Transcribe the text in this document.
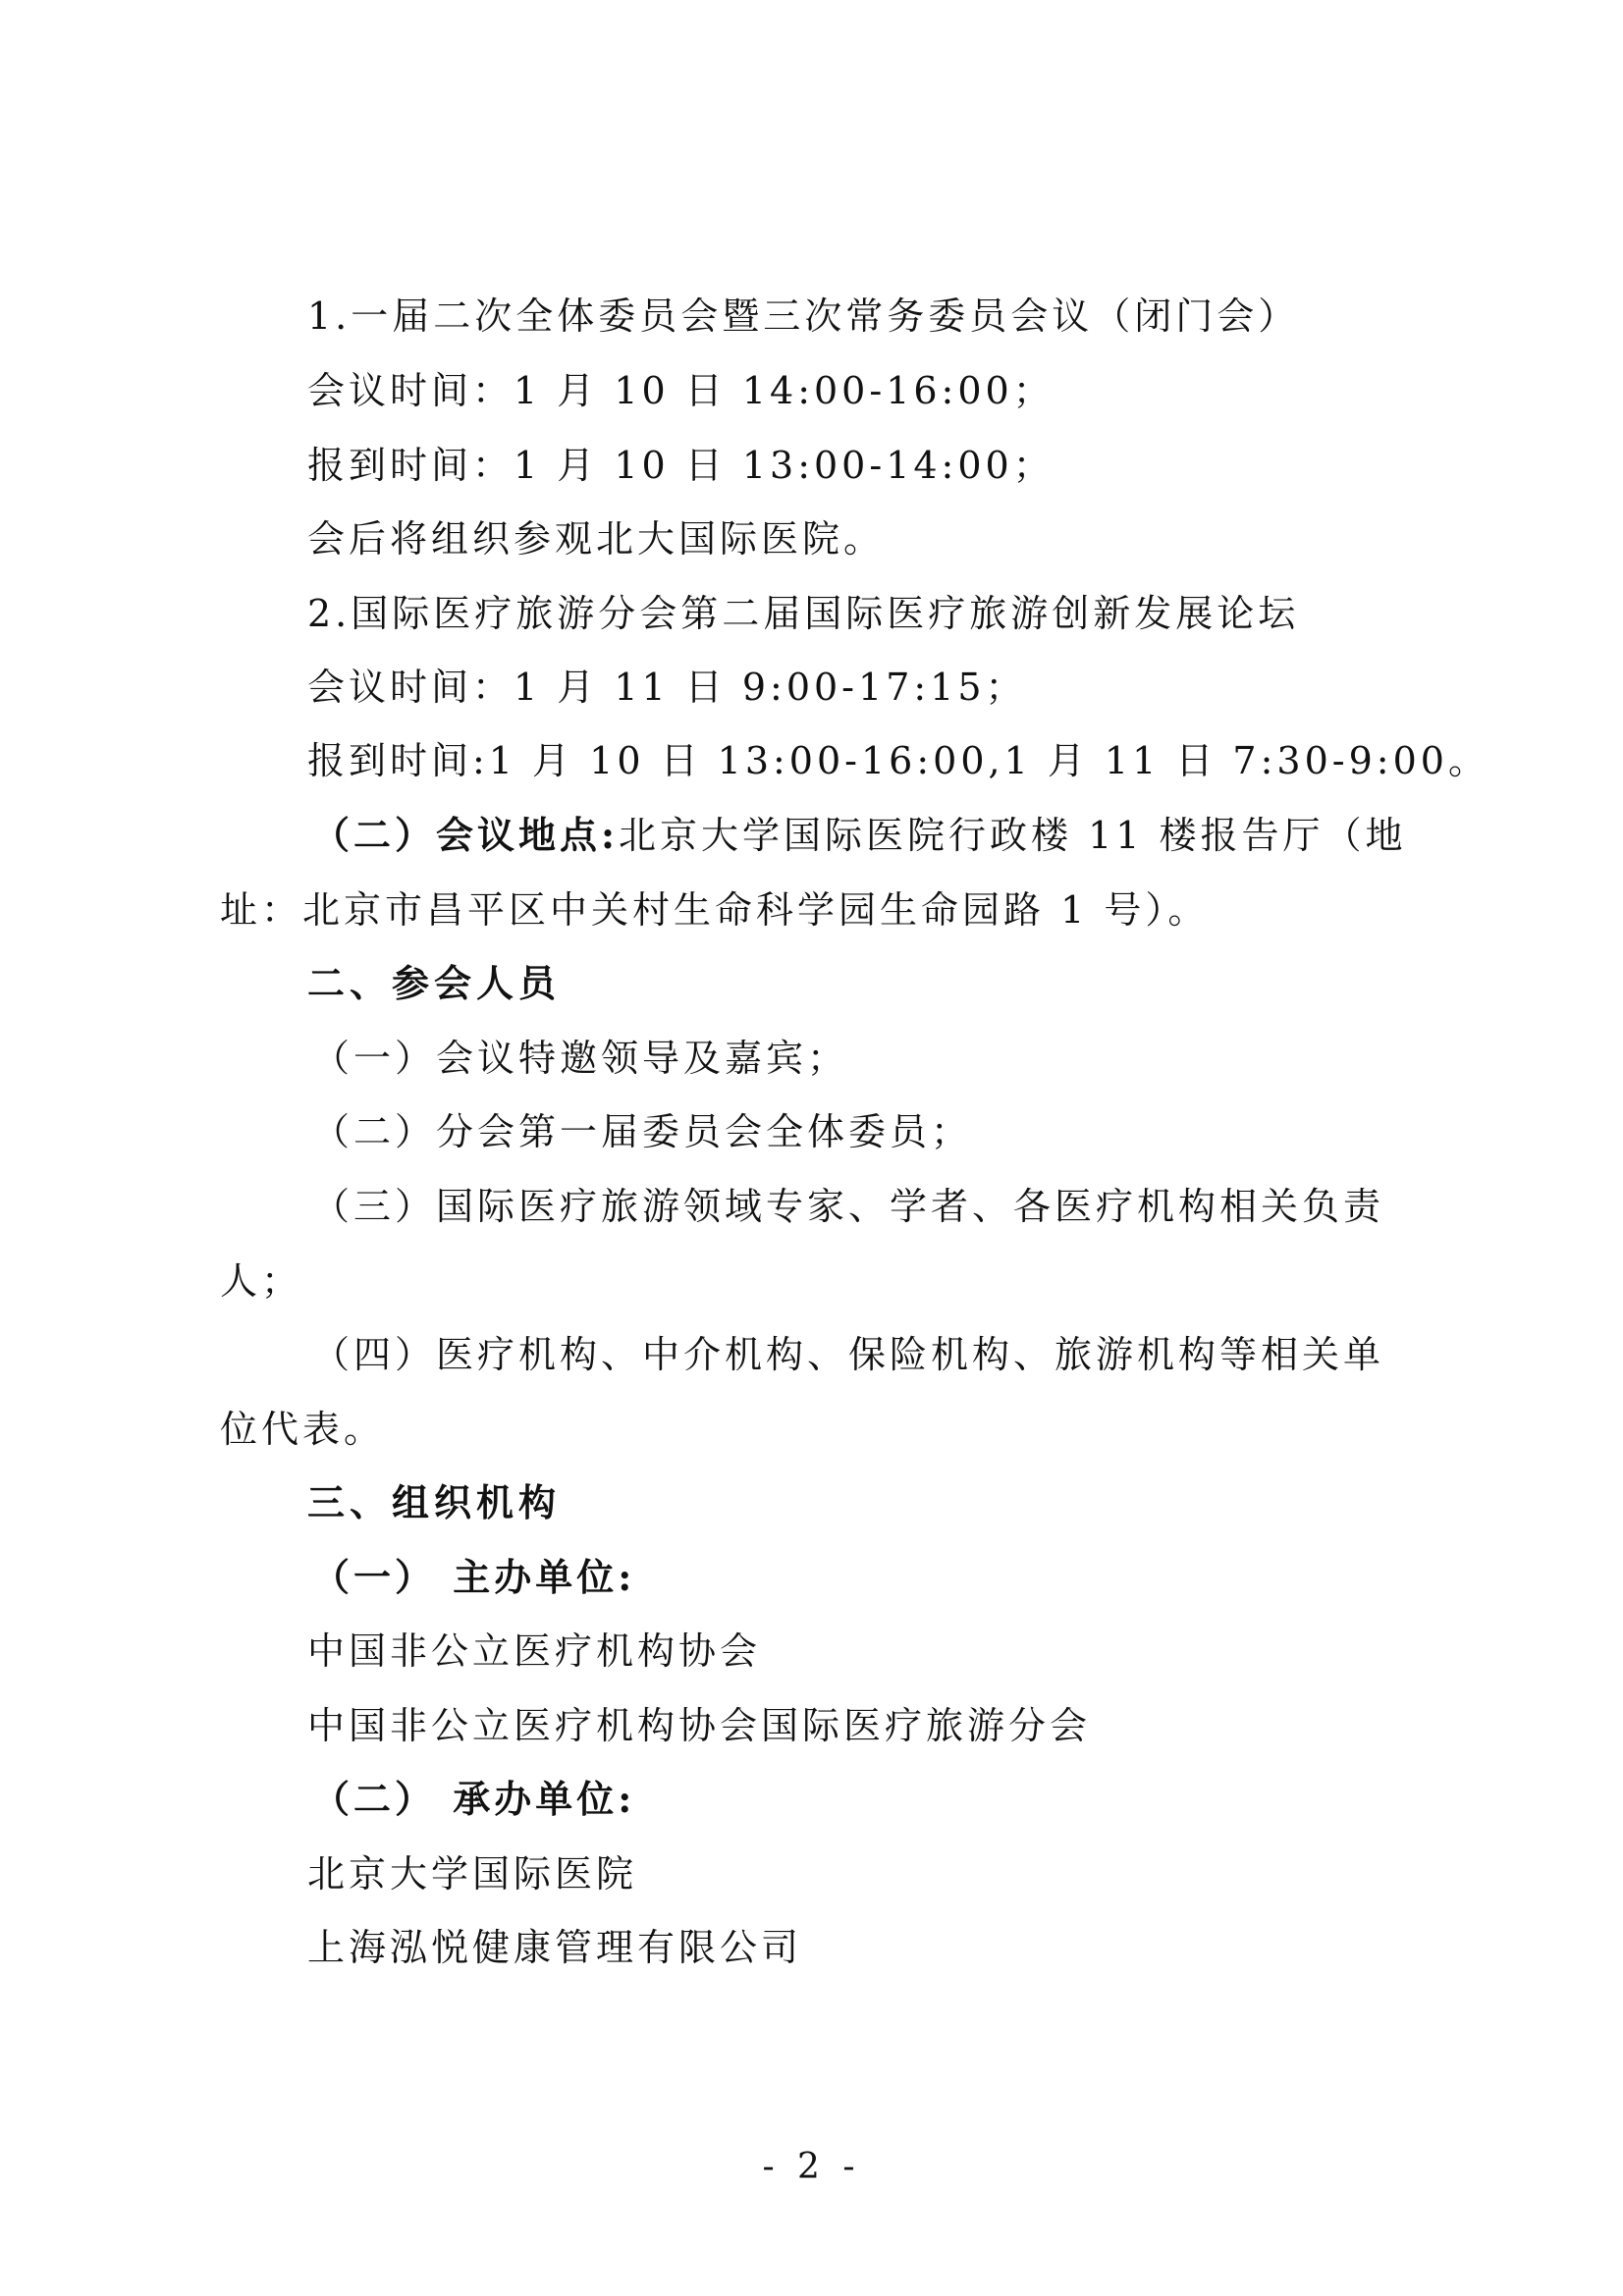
1.一届二次全体委员会暨三次常务委员会议（闭门会）
会议时间：1 月 10 日 14:00-16:00；
报到时间：1 月 10 日 13:00-14:00；
会后将组织参观北大国际医院。
2.国际医疗旅游分会第二届国际医疗旅游创新发展论坛
会议时间：1 月 11 日 9:00-17:15；
报到时间:1 月 10 日 13:00-16:00,1 月 11 日 7:30-9:00。
（二）会议地点:北京大学国际医院行政楼 11 楼报告厅（地
址：北京市昌平区中关村生命科学园生命园路 1 号）。
二、参会人员
（一）会议特邀领导及嘉宾；
（二）分会第一届委员会全体委员；
（三）国际医疗旅游领域专家、学者、各医疗机构相关负责
人；
（四）医疗机构、中介机构、保险机构、旅游机构等相关单
位代表。
三、组织机构
（一） 主办单位:
中国非公立医疗机构协会
中国非公立医疗机构协会国际医疗旅游分会
（二） 承办单位:
北京大学国际医院
上海泓悦健康管理有限公司
- 2 -
